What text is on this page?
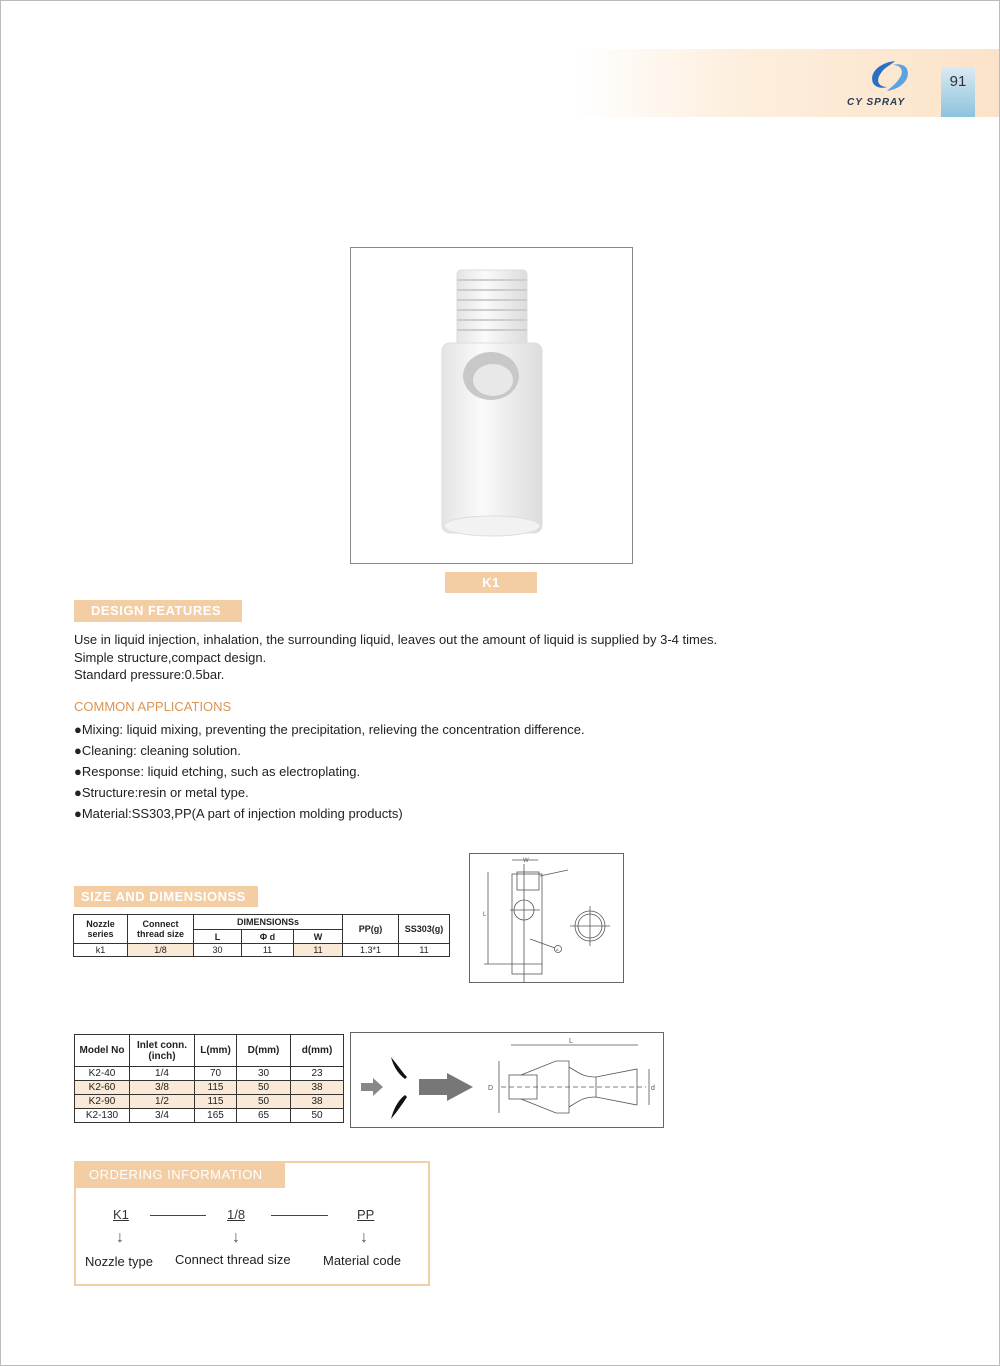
CY SPRAY
91
K1
DESIGN FEATURES
Use in liquid injection, inhalation, the surrounding liquid, leaves out the amount of liquid is supplied by 3-4 times.
Simple structure,compact design.
Standard pressure:0.5bar.
COMMON APPLICATIONS
●Mixing: liquid mixing, preventing the precipitation, relieving the concentration difference.
●Cleaning: cleaning solution.
●Response: liquid etching, such as electroplating.
●Structure:resin or metal type.
●Material:SS303,PP(A part of injection molding products)
SIZE AND DIMENSIONSS
Nozzle series	Connect thread size	DIMENSIONSs			PP(g)	SS303(g)
		L	Φ d	W		
k1	1/8	30	11	11	1.3*1	11
W
L
A
Model No	Inlet conn.(inch)	L(mm)	D(mm)	d(mm)
K2-40	1/4	70	30	23
K2-60	3/8	115	50	38
K2-90	1/2	115	50	38
K2-130	3/4	165	65	50
L
D	d
ORDERING INFORMATION
K1	1/8	PP
↓	↓	↓
Nozzle type Connect thread size Material code
